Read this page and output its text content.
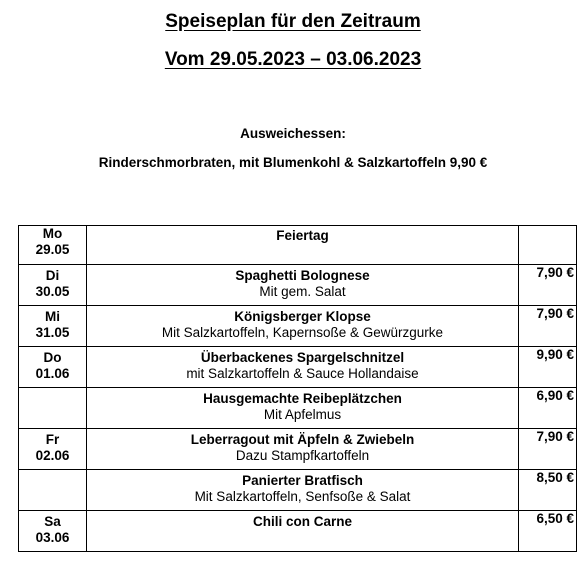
Speiseplan für den Zeitraum
Vom 29.05.2023 – 03.06.2023
Ausweichessen:
Rinderschmorbraten, mit Blumenkohl & Salzkartoffeln 9,90 €
Mo
29.05	Feiertag	

Di
30.05	Spaghetti Bolognese
Mit gem. Salat	7,90 €
Mi
31.05	Königsberger Klopse
Mit Salzkartoffeln, Kapernsoße & Gewürzgurke	7,90 €
Do
01.06	Überbackenes Spargelschnitzel
mit Salzkartoffeln & Sauce Hollandaise	9,90 €

	Hausgemachte Reibeplätzchen
Mit Apfelmus	6,90 €
Fr
02.06	Leberragout mit Äpfeln & Zwiebeln
Dazu Stampfkartoffeln	7,90 €

	Panierter Bratfisch
Mit Salzkartoffeln, Senfsoße & Salat	8,50 €
Sa
03.06	Chili con Carne	6,50 €
